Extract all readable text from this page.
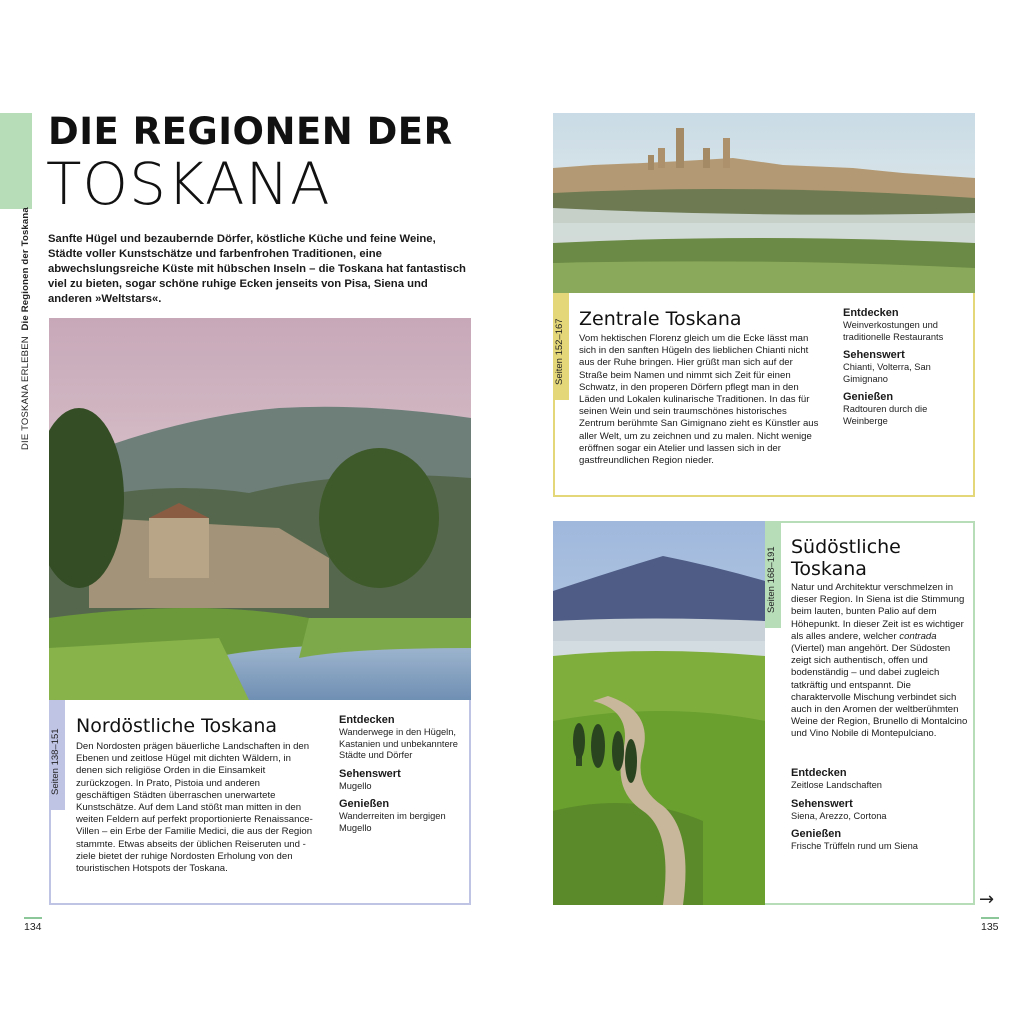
DIE TOSKANA ERLEBEN  Die Regionen der Toskana
DIE REGIONEN DER
TOSKANA

Sanfte Hügel und bezaubernde Dörfer, köstliche Küche und feine Weine, Städte voller Kunstschätze und farbenfrohen Traditionen, eine abwechslungsreiche Küste mit hübschen Inseln – die Toskana hat fantastisch viel zu bieten, sogar schöne ruhige Ecken jenseits von Pisa, Siena und anderen »Weltstars«.

Seiten 138–151
Nordöstliche Toskana

Den Nordosten prägen bäuerliche Landschaften in den Ebenen und zeitlose Hügel mit dichten Wäldern, in denen sich religiöse Orden in die Einsamkeit zurückzogen. In Prato, Pistoia und anderen geschäftigen Städten überraschen unerwartete Kunstschätze. Auf dem Land stößt man mitten in den weiten Feldern auf perfekt proportionierte Renaissance-Villen – ein Erbe der Familie Medici, die aus der Region stammte. Etwas abseits der üblichen Reiseruten und -ziele bietet der ruhige Nordosten Erholung von den touristischen Hotspots der Toskana.

Entdecken

Wanderwege in den Hügeln, Kastanien und unbekanntere Städte und Dörfer

Sehenswert

Mugello

Genießen

Wanderreiten im bergigen Mugello

134
Seiten 152–167 Zentrale Toskana

Vom hektischen Florenz gleich um die Ecke lässt man sich in den sanften Hügeln des lieblichen Chianti nicht aus der Ruhe bringen. Hier grüßt man sich auf der Straße beim Namen und nimmt sich Zeit für einen Schwatz, in den properen Dörfern pflegt man in den Läden und Lokalen kulinarische Traditionen. In das für seinen Wein und sein traumschönes historisches Zentrum berühmte San Gimignano zieht es Künstler aus aller Welt, um zu zeichnen und zu malen. Nicht wenige eröffnen sogar ein Atelier und lassen sich in der gastfreundlichen Region nieder.

Entdecken

Weinverkostungen und traditionelle Restaurants

Sehenswert

Chianti, Volterra, San Gimignano

Genießen

Radtouren durch die Weinberge

Seiten 168–191 Südöstliche
Toskana

Natur und Architektur verschmelzen in dieser Region. In Siena ist die Stimmung beim lauten, bunten Palio auf dem Höhepunkt. In dieser Zeit ist es wichtiger als alles andere, welcher contrada (Viertel) man angehört. Der Südosten zeigt sich authentisch, offen und bodenständig – und dabei zugleich tatkräftig und entspannt. Die charaktervolle Mischung verbindet sich auch in den Aromen der weltberühmten Weine der Region, Brunello di Montalcino und Vino Nobile di Montepulciano.

Entdecken

Zeitlose Landschaften

Sehenswert

Siena, Arezzo, Cortona

Genießen

Frische Trüffeln rund um Siena

→
135
